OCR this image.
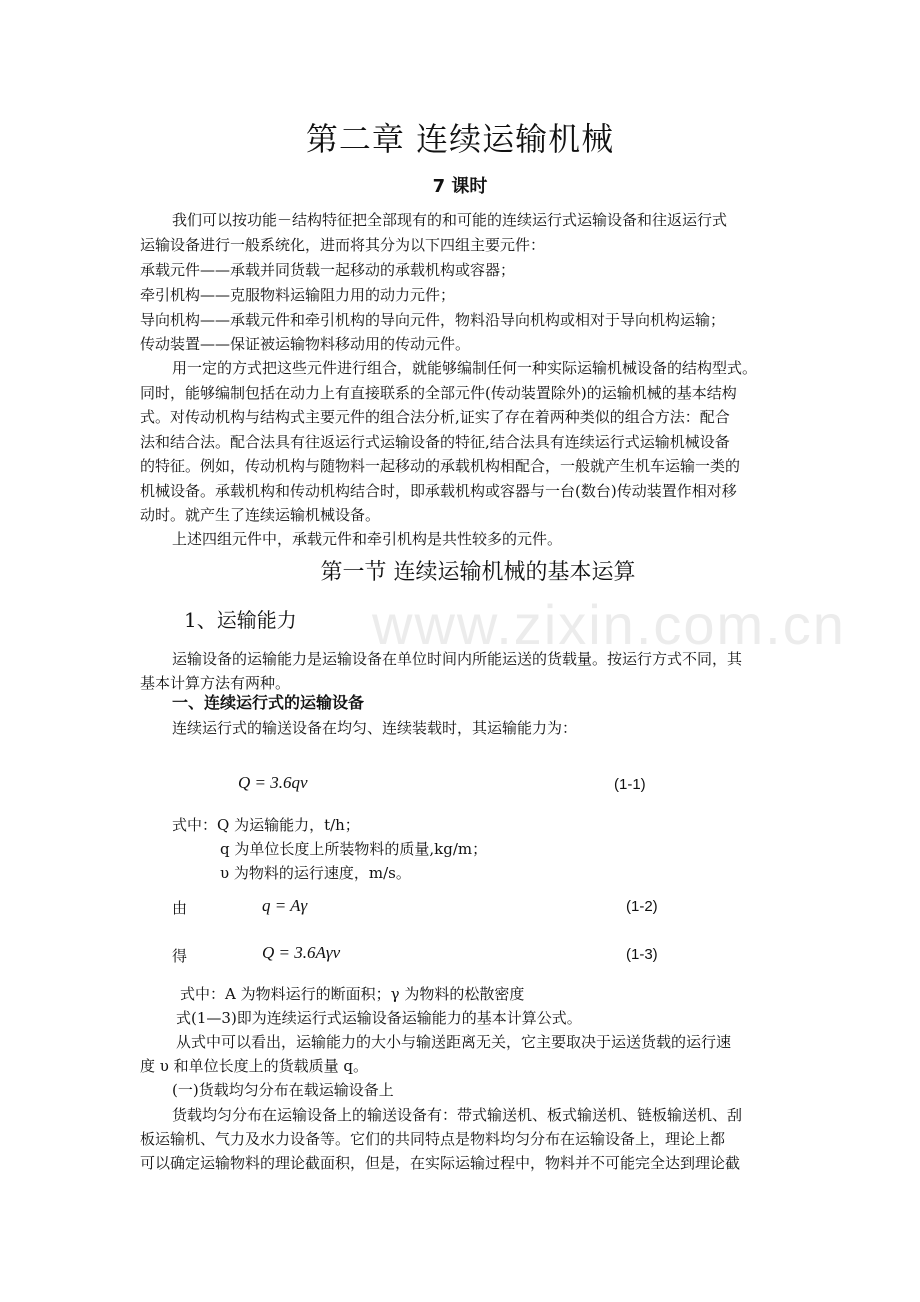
www.zixin.com.cn
第二章 连续运输机械
7 课时
我们可以按功能－结构特征把全部现有的和可能的连续运行式运输设备和往返运行式
运输设备进行一般系统化，进而将其分为以下四组主要元件：
承载元件——承载并同货载一起移动的承载机构或容器；
牵引机构——克服物料运输阻力用的动力元件；
导向机构——承载元件和牵引机构的导向元件，物料沿导向机构或相对于导向机构运输；
传动装置——保证被运输物料移动用的传动元件。
用一定的方式把这些元件进行组合，就能够编制任何一种实际运输机械设备的结构型式。
同时，能够编制包括在动力上有直接联系的全部元件(传动装置除外)的运输机械的基本结构
式。对传动机构与结构式主要元件的组合法分析,证实了存在着两种类似的组合方法：配合
法和结合法。配合法具有往返运行式运输设备的特征,结合法具有连续运行式运输机械设备
的特征。例如，传动机构与随物料一起移动的承载机构相配合，一般就产生机车运输一类的
机械设备。承载机构和传动机构结合时，即承载机构或容器与一台(数台)传动装置作相对移
动时。就产生了连续运输机械设备。
上述四组元件中，承载元件和牵引机构是共性较多的元件。
第一节 连续运输机械的基本运算
1、运输能力
运输设备的运输能力是运输设备在单位时间内所能运送的货载量。按运行方式不同，其
基本计算方法有两种。
一、连续运行式的运输设备
连续运行式的输送设备在均匀、连续装载时，其运输能力为：
Q = 3.6qv	(1-1)
式中：Q 为运输能力，t/h；
q 为单位长度上所装物料的质量,kg/m；
υ 为物料的运行速度，m/s。
由	q = Aγ	(1-2)
得	Q = 3.6Aγv	(1-3)
式中：A 为物料运行的断面积；γ 为物料的松散密度
式(1—3)即为连续运行式运输设备运输能力的基本计算公式。
从式中可以看出，运输能力的大小与输送距离无关，它主要取决于运送货载的运行速
度 υ 和单位长度上的货载质量 q。
(一)货载均匀分布在载运输设备上
货载均匀分布在运输设备上的输送设备有：带式输送机、板式输送机、链板输送机、刮
板运输机、气力及水力设备等。它们的共同特点是物料均匀分布在运输设备上，理论上都
可以确定运输物料的理论截面积，但是，在实际运输过程中，物料并不可能完全达到理论截
